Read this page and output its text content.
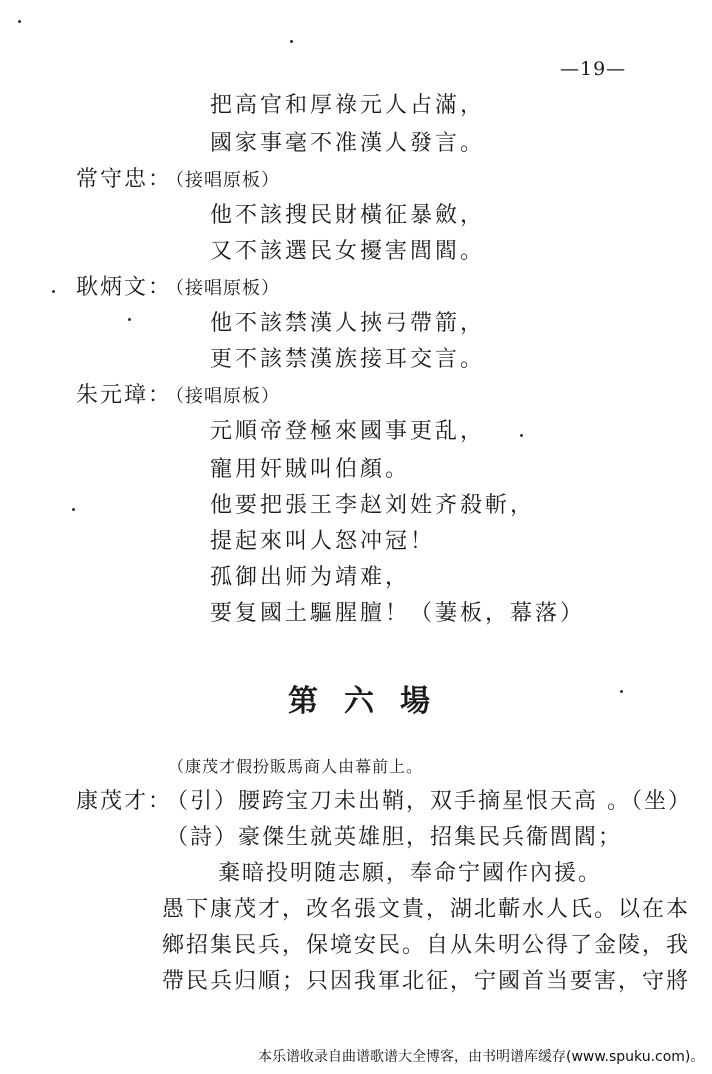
—19—
把高官和厚祿元人占滿，
國家事毫不准漢人發言。
常守忠：
（接唱原板）
他不該搜民財橫征暴斂，
又不該選民女擾害閭閻。
耿炳文：
（接唱原板）
他不該禁漢人挾弓帶箭，
更不該禁漢族接耳交言。
朱元璋：
（接唱原板）
元順帝登極來國事更乱，
寵用奸賊叫伯顏。
他要把張王李赵刘姓齐殺斬，
提起來叫人怒冲冠！
孤御出师为靖难，
要复國土驅腥膻！（萋板，幕落）
第六場
（康茂才假扮販馬商人由幕前上。
康茂才：
（引）腰跨宝刀未出鞘，双手摘星恨天高 。（坐）
（詩）豪傑生就英雄胆，招集民兵衞閭閻；
棄暗投明随志願，奉命宁國作內援。
愚下康茂才，改名張文貴，湖北蘄水人氏。以在本
鄉招集民兵，保境安民。自从朱明公得了金陵，我
帶民兵归順；只因我軍北征，宁國首当要害，守將
本乐谱收录自曲谱歌谱大全博客，由书明谱库缓存(www.spuku.com)。
